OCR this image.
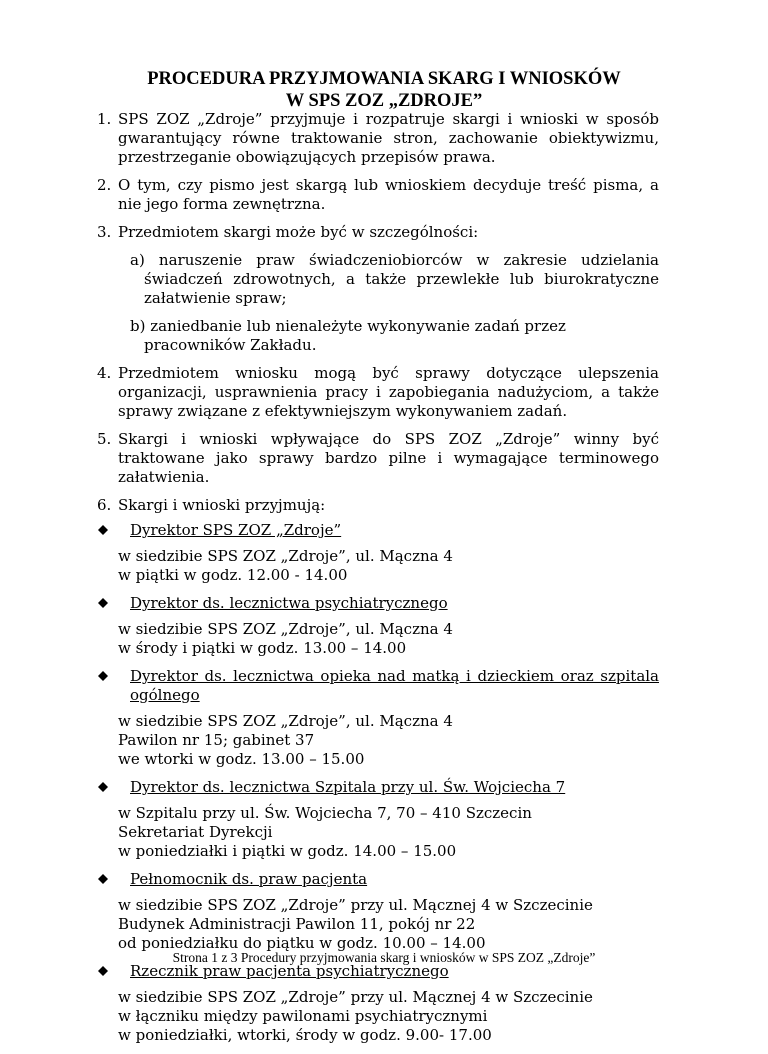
PROCEDURA PRZYJMOWANIA SKARG I WNIOSKÓW
W SPS ZOZ „ZDROJE”
1. SPS ZOZ „Zdroje” przyjmuje i rozpatruje skargi i wnioski w sposób gwarantujący równe traktowanie stron, zachowanie obiektywizmu, przestrzeganie obowiązujących przepisów prawa.
2. O tym, czy pismo jest skargą lub wnioskiem decyduje treść pisma, a nie jego forma zewnętrzna.
3. Przedmiotem skargi może być w szczególności:
a) naruszenie praw świadczeniobiorców w zakresie udzielania świadczeń zdrowotnych, a także przewlekłe lub biurokratyczne załatwienie spraw;
b) zaniedbanie lub nienależyte wykonywanie zadań przez pracowników Zakładu.
4. Przedmiotem wniosku mogą być sprawy dotyczące ulepszenia organizacji, usprawnienia pracy i zapobiegania nadużyciom, a także sprawy związane z efektywniejszym wykonywaniem zadań.
5. Skargi i wnioski wpływające do SPS ZOZ „Zdroje” winny być traktowane jako sprawy bardzo pilne i wymagające terminowego załatwienia.
6. Skargi i wnioski przyjmują:
Dyrektor SPS ZOZ „Zdroje”
w siedzibie SPS ZOZ „Zdroje”, ul. Mączna 4
w piątki w godz. 12.00 - 14.00
Dyrektor ds. lecznictwa psychiatrycznego
w siedzibie SPS ZOZ „Zdroje”, ul. Mączna 4
w środy i piątki w godz. 13.00 – 14.00
Dyrektor ds. lecznictwa opieka nad matką i dzieckiem oraz szpitala ogólnego
w siedzibie SPS ZOZ „Zdroje”, ul. Mączna 4
Pawilon nr 15; gabinet 37
we wtorki w godz. 13.00 – 15.00
Dyrektor ds. lecznictwa Szpitala przy ul. Św. Wojciecha 7
w Szpitalu przy ul. Św. Wojciecha 7, 70 – 410 Szczecin
Sekretariat Dyrekcji
w poniedziałki i piątki w godz. 14.00 – 15.00
Pełnomocnik ds. praw pacjenta
w siedzibie SPS ZOZ „Zdroje” przy ul. Mącznej 4 w Szczecinie
Budynek Administracji Pawilon 11, pokój nr 22
od poniedziałku do piątku w godz. 10.00 – 14.00
Rzecznik praw pacjenta psychiatrycznego
w siedzibie SPS ZOZ „Zdroje” przy ul. Mącznej 4 w Szczecinie
w łączniku między pawilonami psychiatrycznymi
w poniedziałki, wtorki, środy w godz. 9.00- 17.00
Strona 1 z 3 Procedury przyjmowania skarg i wniosków w SPS ZOZ „Zdroje”
